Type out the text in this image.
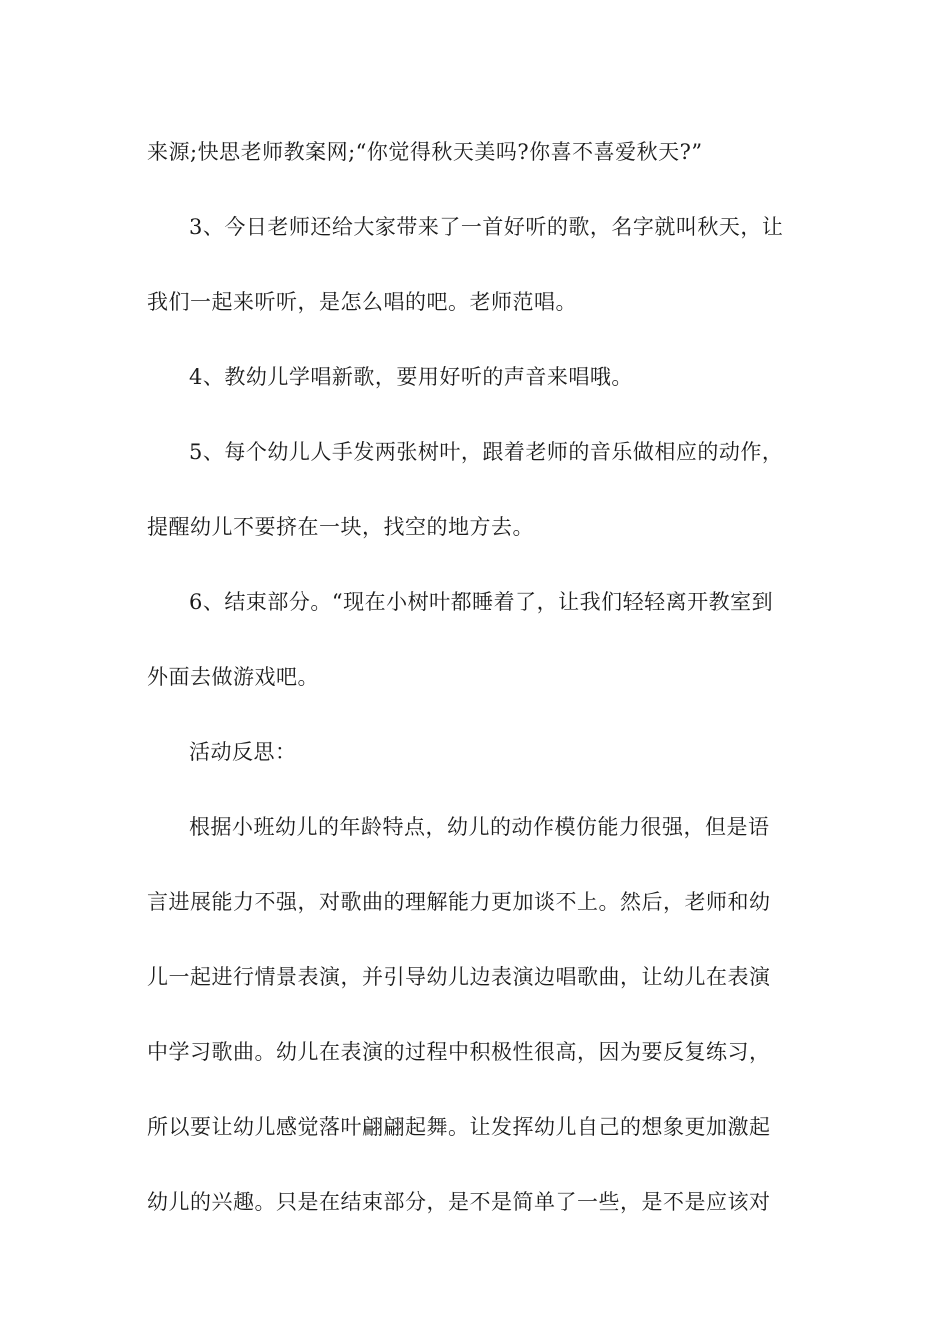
来源;快思老师教案网;“你觉得秋天美吗?你喜不喜爱秋天?”
3、今日老师还给大家带来了一首好听的歌，名字就叫秋天，让
我们一起来听听，是怎么唱的吧。老师范唱。
4、教幼儿学唱新歌，要用好听的声音来唱哦。
5、每个幼儿人手发两张树叶，跟着老师的音乐做相应的动作，
提醒幼儿不要挤在一块，找空的地方去。
6、结束部分。“现在小树叶都睡着了，让我们轻轻离开教室到
外面去做游戏吧。
活动反思：
根据小班幼儿的年龄特点，幼儿的动作模仿能力很强，但是语
言进展能力不强，对歌曲的理解能力更加谈不上。然后，老师和幼
儿一起进行情景表演，并引导幼儿边表演边唱歌曲，让幼儿在表演
中学习歌曲。幼儿在表演的过程中积极性很高，因为要反复练习，
所以要让幼儿感觉落叶翩翩起舞。让发挥幼儿自己的想象更加激起
幼儿的兴趣。只是在结束部分，是不是简单了一些，是不是应该对
